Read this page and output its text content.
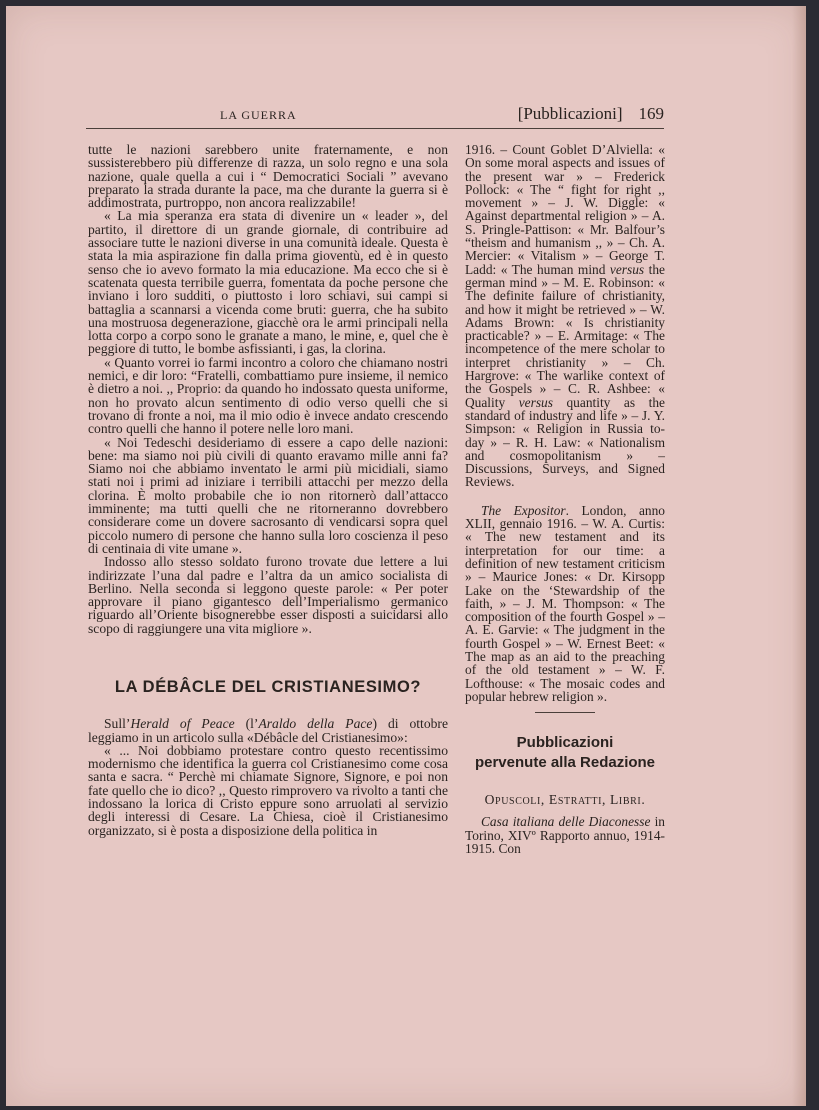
LA GUERRA	[Pubblicazioni] 169

tutte le nazioni sarebbero unite fraternamente, e non sussisterebbero più differenze di razza, un solo regno e una sola nazione, quale quella a cui i “ Democratici Sociali ” avevano preparato la strada durante la pace, ma che durante la guerra si è addimostrata, purtroppo, non ancora realizzabile!

« La mia speranza era stata di divenire un « leader », del partito, il direttore di un grande giornale, di contribuire ad associare tutte le nazioni diverse in una comunità ideale. Questa è stata la mia aspirazione fin dalla prima gioventù, ed è in questo senso che io avevo formato la mia educazione. Ma ecco che si è scatenata questa terribile guerra, fomentata da poche persone che inviano i loro sudditi, o piuttosto i loro schiavi, sui campi si battaglia a scannarsi a vicenda come bruti: guerra, che ha subito una mostruosa degenerazione, giacchè ora le armi principali nella lotta corpo a corpo sono le granate a mano, le mine, e, quel che è peggiore di tutto, le bombe asfissianti, i gas, la clorina.

« Quanto vorrei io farmi incontro a coloro che chiamano nostri nemici, e dir loro: “Fratelli, combattiamo pure insieme, il nemico è dietro a noi. ,, Proprio: da quando ho indossato questa uniforme, non ho provato alcun sentimento di odio verso quelli che si trovano di fronte a noi, ma il mio odio è invece andato crescendo contro quelli che hanno il potere nelle loro mani.

« Noi Tedeschi desideriamo di essere a capo delle nazioni: bene: ma siamo noi più civili di quanto eravamo mille anni fa? Siamo noi che abbiamo inventato le armi più micidiali, siamo stati noi i primi ad iniziare i terribili attacchi per mezzo della clorina. È molto probabile che io non ritornerò dall’attacco imminente; ma tutti quelli che ne ritorneranno dovrebbero considerare come un dovere sacrosanto di vendicarsi sopra quel piccolo numero di persone che hanno sulla loro coscienza il peso di centinaia di vite umane ».

Indosso allo stesso soldato furono trovate due lettere a lui indirizzate l’una dal padre e l’altra da un amico socialista di Berlino. Nella seconda si leggono queste parole: « Per poter approvare il piano gigantesco dell’Imperialismo germanico riguardo all’Oriente bisognerebbe esser disposti a suicidarsi allo scopo di raggiungere una vita migliore ».

LA DÉBÂCLE DEL CRISTIANESIMO?

Sull’Herald of Peace (l’Araldo della Pace) di ottobre leggiamo in un articolo sulla «Débâcle del Cristianesimo»:

« ... Noi dobbiamo protestare contro questo recentissimo modernismo che identifica la guerra col Cristianesimo come cosa santa e sacra. “ Perchè mi chiamate Signore, Signore, e poi non fate quello che io dico? ,, Questo rimprovero va rivolto a tanti che indossano la lorica di Cristo eppure sono arruolati al servizio degli interessi di Cesare. La Chiesa, cioè il Cristianesimo organizzato, si è posta a disposizione della politica in

1916. – Count Goblet D’Alviella: « On some moral aspects and issues of the present war » – Frederick Pollock: « The “ fight for right ,, movement » – J. W. Diggle: « Against departmental religion » – A. S. Pringle-Pattison: « Mr. Balfour’s “theism and humanism ,, » – Ch. A. Mercier: « Vitalism » – George T. Ladd: « The human mind versus the german mind » – M. E. Robinson: « The definite failure of christianity, and how it might be retrieved » – W. Adams Brown: « Is christianity practicable? » – E. Armitage: « The incompetence of the mere scholar to interpret christianity » – Ch. Hargrove: « The warlike context of the Gospels » – C. R. Ashbee: « Quality versus quantity as the standard of industry and life » – J. Y. Simpson: « Religion in Russia to-day » – R. H. Law: « Nationalism and cosmopolitanism » – Discussions, Surveys, and Signed Reviews.

The Expositor. London, anno XLII, gennaio 1916. – W. A. Curtis: « The new testament and its interpretation for our time: a definition of new testament criticism » – Maurice Jones: « Dr. Kirsopp Lake on the ‘Stewardship of the faith, » – J. M. Thompson: « The composition of the fourth Gospel » – A. E. Garvie: « The judgment in the fourth Gospel » – W. Ernest Beet: « The map as an aid to the preaching of the old testament » – W. F. Lofthouse: « The mosaic codes and popular hebrew religion ».

Pubblicazioni
pervenute alla Redazione
Opuscoli, Estratti, Libri.

Casa italiana delle Diaconesse in Torino, XIVº Rapporto annuo, 1914-1915. Con
